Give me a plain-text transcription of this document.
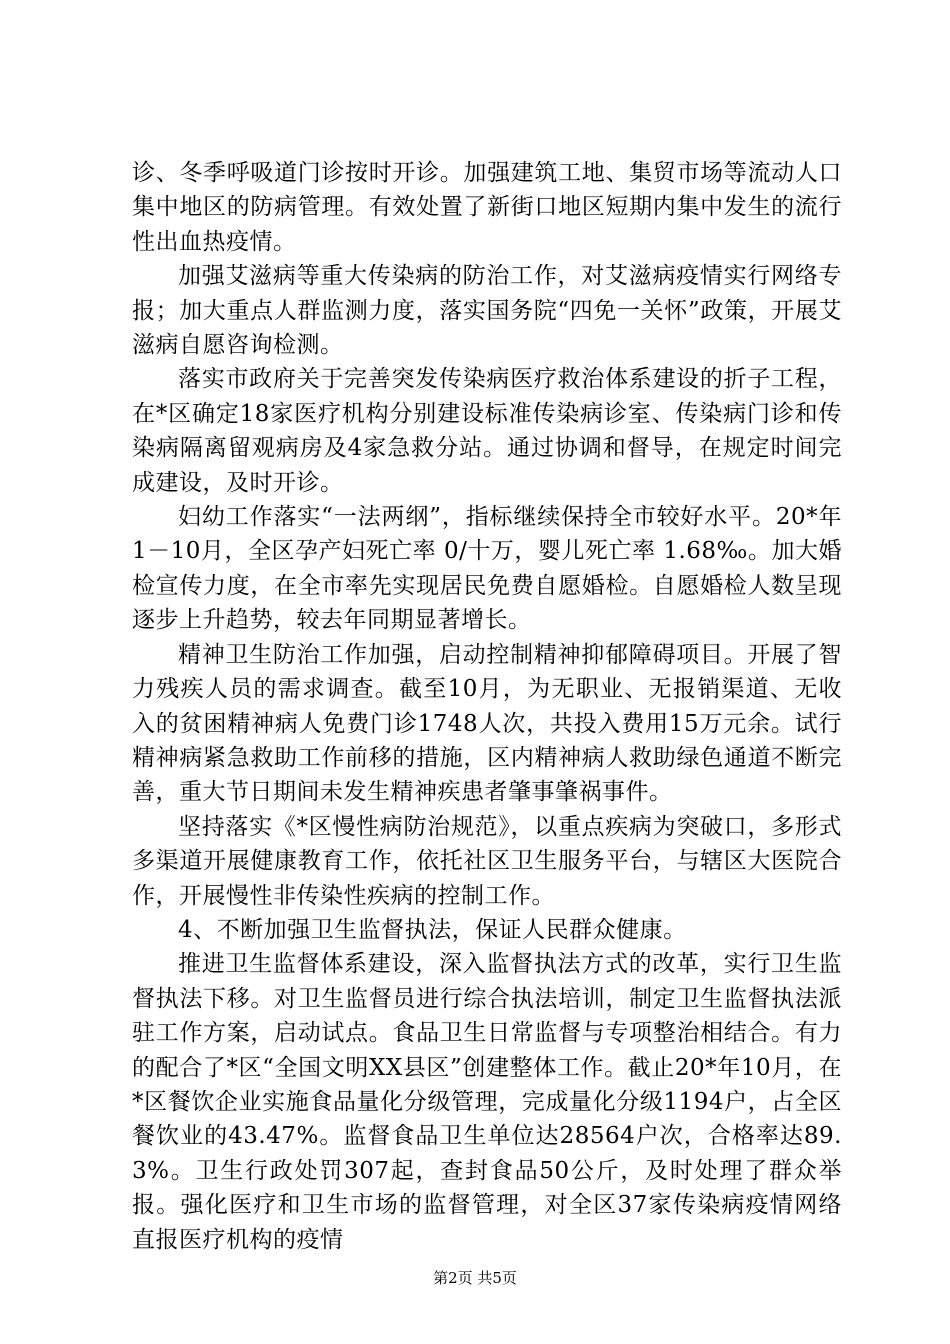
诊、冬季呼吸道门诊按时开诊。加强建筑工地、集贸市场等流动人口集中地区的防病管理。有效处置了新街口地区短期内集中发生的流行性出血热疫情。

加强艾滋病等重大传染病的防治工作，对艾滋病疫情实行网络专报；加大重点人群监测力度，落实国务院“四免一关怀”政策，开展艾滋病自愿咨询检测。

落实市政府关于完善突发传染病医疗救治体系建设的折子工程，在*区确定18家医疗机构分别建设标准传染病诊室、传染病门诊和传染病隔离留观病房及4家急救分站。通过协调和督导，在规定时间完成建设，及时开诊。

妇幼工作落实“一法两纲”，指标继续保持全市较好水平。20*年 1－10月，全区孕产妇死亡率 0/十万，婴儿死亡率 1.68‰。加大婚检宣传力度，在全市率先实现居民免费自愿婚检。自愿婚检人数呈现逐步上升趋势，较去年同期显著增长。

精神卫生防治工作加强，启动控制精神抑郁障碍项目。开展了智力残疾人员的需求调查。截至10月，为无职业、无报销渠道、无收入的贫困精神病人免费门诊1748人次，共投入费用15万元余。试行精神病紧急救助工作前移的措施，区内精神病人救助绿色通道不断完善，重大节日期间未发生精神疾患者肇事肇祸事件。

坚持落实《*区慢性病防治规范》，以重点疾病为突破口，多形式多渠道开展健康教育工作，依托社区卫生服务平台，与辖区大医院合作，开展慢性非传染性疾病的控制工作。

4、不断加强卫生监督执法，保证人民群众健康。

推进卫生监督体系建设，深入监督执法方式的改革，实行卫生监督执法下移。对卫生监督员进行综合执法培训，制定卫生监督执法派驻工作方案，启动试点。食品卫生日常监督与专项整治相结合。有力的配合了*区“全国文明XX县区”创建整体工作。截止20*年10月，在*区餐饮企业实施食品量化分级管理，完成量化分级1194户，占全区餐饮业的43.47%。监督食品卫生单位达28564户次，合格率达89.3%。卫生行政处罚307起，查封食品50公斤，及时处理了群众举报。强化医疗和卫生市场的监督管理，对全区37家传染病疫情网络直报医疗机构的疫情

第2页 共5页
